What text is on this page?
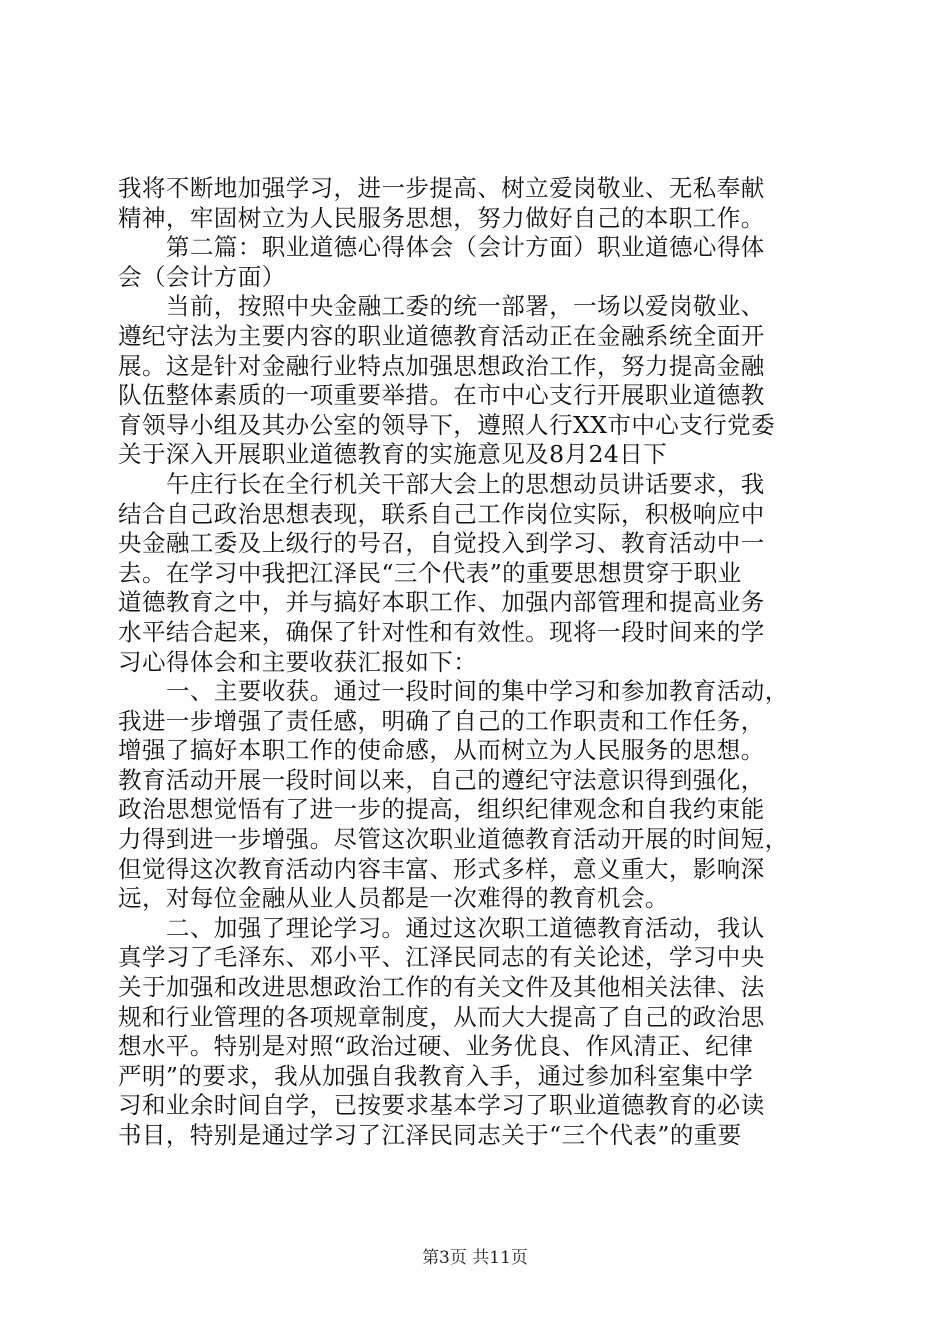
我将不断地加强学习，进一步提高、树立爱岗敬业、无私奉献
精神，牢固树立为人民服务思想，努力做好自己的本职工作。
第二篇：职业道德心得体会（会计方面）职业道德心得体
会（会计方面）
当前，按照中央金融工委的统一部署，一场以爱岗敬业、
遵纪守法为主要内容的职业道德教育活动正在金融系统全面开
展。这是针对金融行业特点加强思想政治工作，努力提高金融
队伍整体素质的一项重要举措。在市中心支行开展职业道德教
育领导小组及其办公室的领导下，遵照人行XX市中心支行党委
关于深入开展职业道德教育的实施意见及8月24日下
午庄行长在全行机关干部大会上的思想动员讲话要求，我
结合自己政治思想表现，联系自己工作岗位实际，积极响应中
央金融工委及上级行的号召，自觉投入到学习、教育活动中一
去。在学习中我把江泽民“三个代表”的重要思想贯穿于职业
道德教育之中，并与搞好本职工作、加强内部管理和提高业务
水平结合起来，确保了针对性和有效性。现将一段时间来的学
习心得体会和主要收获汇报如下：
一、主要收获。通过一段时间的集中学习和参加教育活动，
我进一步增强了责任感，明确了自己的工作职责和工作任务，
增强了搞好本职工作的使命感，从而树立为人民服务的思想。
教育活动开展一段时间以来，自己的遵纪守法意识得到强化，
政治思想觉悟有了进一步的提高，组织纪律观念和自我约束能
力得到进一步增强。尽管这次职业道德教育活动开展的时间短，
但觉得这次教育活动内容丰富、形式多样，意义重大，影响深
远，对每位金融从业人员都是一次难得的教育机会。
二、加强了理论学习。通过这次职工道德教育活动，我认
真学习了毛泽东、邓小平、江泽民同志的有关论述，学习中央
关于加强和改进思想政治工作的有关文件及其他相关法律、法
规和行业管理的各项规章制度，从而大大提高了自己的政治思
想水平。特别是对照“政治过硬、业务优良、作风清正、纪律
严明”的要求，我从加强自我教育入手，通过参加科室集中学
习和业余时间自学，已按要求基本学习了职业道德教育的必读
书目，特别是通过学习了江泽民同志关于“三个代表”的重要
第3页 共11页
